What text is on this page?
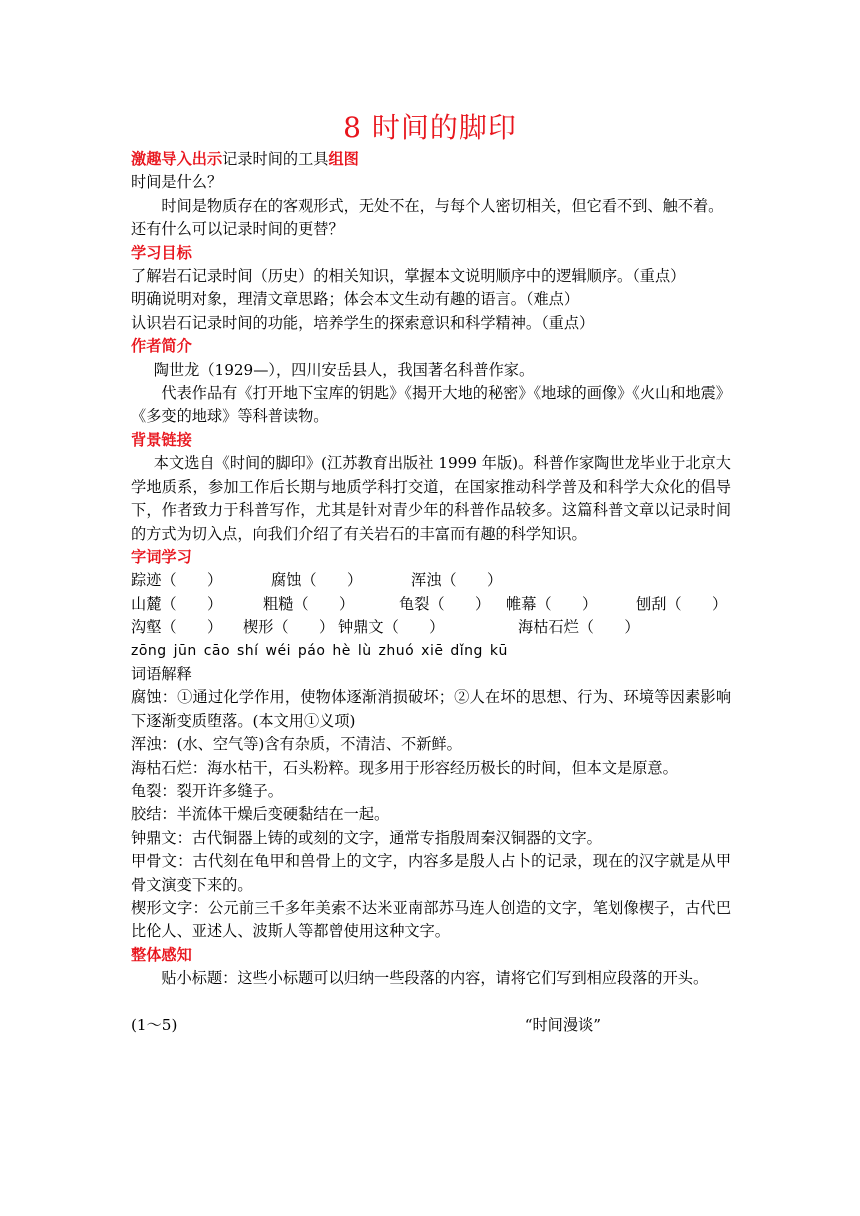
8 时间的脚印

激趣导入出示记录时间的工具组图

时间是什么？

时间是物质存在的客观形式，无处不在，与每个人密切相关，但它看不到、触不着。

还有什么可以记录时间的更替？

学习目标

了解岩石记录时间（历史）的相关知识，掌握本文说明顺序中的逻辑顺序。（重点）

明确说明对象，理清文章思路；体会本文生动有趣的语言。（难点）

认识岩石记录时间的功能，培养学生的探索意识和科学精神。（重点）

作者简介

陶世龙（1929—），四川安岳县人，我国著名科普作家。

代表作品有《打开地下宝库的钥匙》《揭开大地的秘密》《地球的画像》《火山和地震》《多变的地球》等科普读物。

背景链接

本文选自《时间的脚印》(江苏教育出版社 1999 年版)。科普作家陶世龙毕业于北京大学地质系，参加工作后长期与地质学科打交道，在国家推动科学普及和科学大众化的倡导下，作者致力于科普写作，尤其是针对青少年的科普作品较多。这篇科普文章以记录时间的方式为切入点，向我们介绍了有关岩石的丰富而有趣的科学知识。

字词学习

踪迹（　　）	腐蚀（　　）	浑浊（　　）
山麓（　　）	粗糙（　　）	龟裂（　　）	帷幕（　　）	刨刮（　　）
沟壑（　　）	楔形（　　） 钟鼎文（　　）	海枯石烂（　　）

zōng jūn cāo shí wéi páo hè lù zhuó xiē dǐng kū

词语解释

腐蚀：①通过化学作用，使物体逐渐消损破坏；②人在坏的思想、行为、环境等因素影响下逐渐变质堕落。(本文用①义项)

浑浊：(水、空气等)含有杂质，不清洁、不新鲜。

海枯石烂：海水枯干，石头粉粹。现多用于形容经历极长的时间，但本文是原意。

龟裂：裂开许多缝子。

胶结：半流体干燥后变硬黏结在一起。

钟鼎文：古代铜器上铸的或刻的文字，通常专指殷周秦汉铜器的文字。

甲骨文：古代刻在龟甲和兽骨上的文字，内容多是殷人占卜的记录，现在的汉字就是从甲骨文演变下来的。

楔形文字：公元前三千多年美索不达米亚南部苏马连人创造的文字，笔划像楔子，古代巴比伦人、亚述人、波斯人等都曾使用这种文字。

整体感知

贴小标题：这些小标题可以归纳一些段落的内容，请将它们写到相应段落的开头。

(1～5)	“时间漫谈”
